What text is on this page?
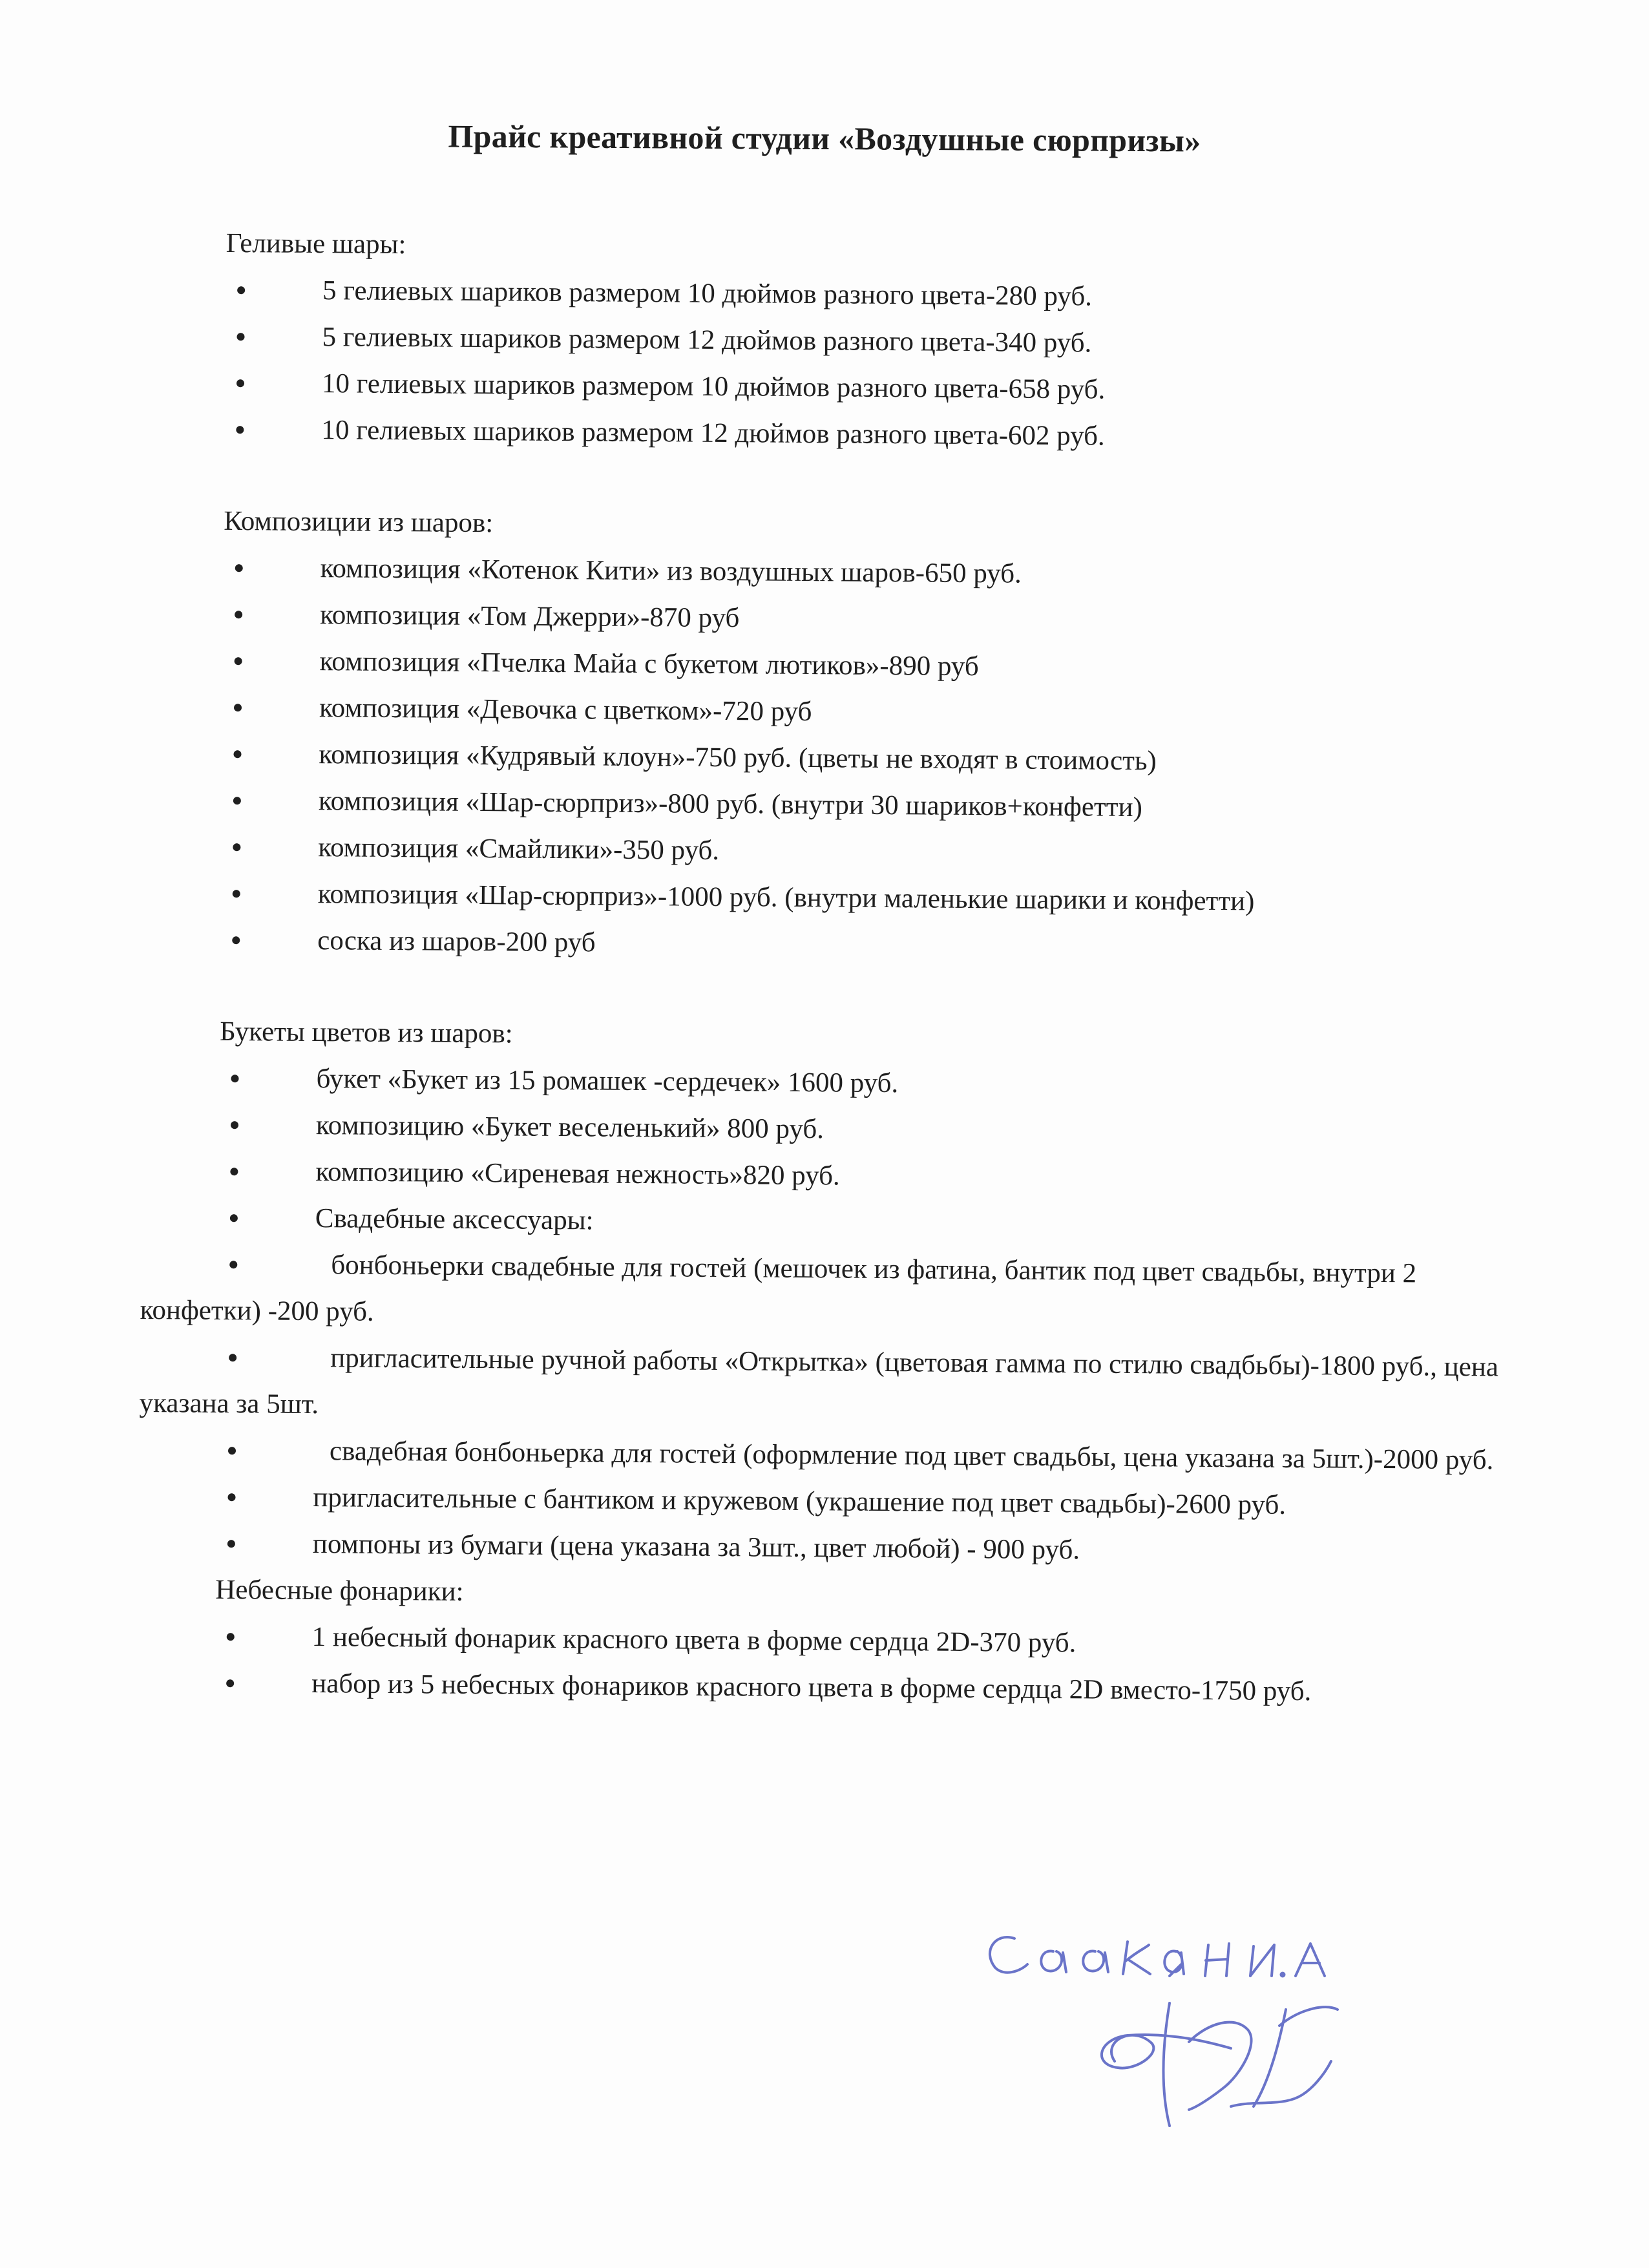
Прайс креативной студии «Воздушные сюрпризы»
Геливые шары:
●	5 гелиевых шариков размером 10 дюймов разного цвета-280 руб.
●	5 гелиевых шариков размером 12 дюймов разного цвета-340 руб.
●	10 гелиевых шариков размером 10 дюймов разного цвета-658 руб.
●	10 гелиевых шариков размером 12 дюймов разного цвета-602 руб.
Композиции из шаров:
●	композиция «Котенок Кити» из воздушных шаров-650 руб.
●	композиция «Том Джерри»-870 руб
●	композиция «Пчелка Майа с букетом лютиков»-890 руб
●	композиция «Девочка с цветком»-720 руб
●	композиция «Кудрявый клоун»-750 руб. (цветы не входят в стоимость)
●	композиция «Шар-сюрприз»-800 руб. (внутри 30 шариков+конфетти)
●	композиция «Смайлики»-350 руб.
●	композиция «Шар-сюрприз»-1000 руб. (внутри маленькие шарики и конфетти)
●	соска из шаров-200 руб
Букеты цветов из шаров:
●	букет «Букет из 15 ромашек -сердечек» 1600 руб.
●	композицию «Букет веселенький» 800 руб.
●	композицию «Сиреневая нежность»820 руб.
●	Свадебные аксессуары:
●	бонбоньерки свадебные для гостей (мешочек из фатина, бантик под цвет свадьбы, внутри 2 конфетки) -200 руб.
●	пригласительные ручной работы «Открытка» (цветовая гамма по стилю свадбьбы)-1800 руб., цена указана за 5шт.
●	свадебная бонбоньерка для гостей (оформление под цвет свадьбы, цена указана за 5шт.)-2000 руб.
●	пригласительные с бантиком и кружевом (украшение под цвет свадьбы)-2600 руб.
●	помпоны из бумаги (цена указана за 3шт., цвет любой) - 900 руб.
Небесные фонарики:
●	1 небесный фонарик красного цвета в форме сердца 2D-370 руб.
●	набор из 5 небесных фонариков красного цвета в форме сердца 2D вместо-1750 руб.
